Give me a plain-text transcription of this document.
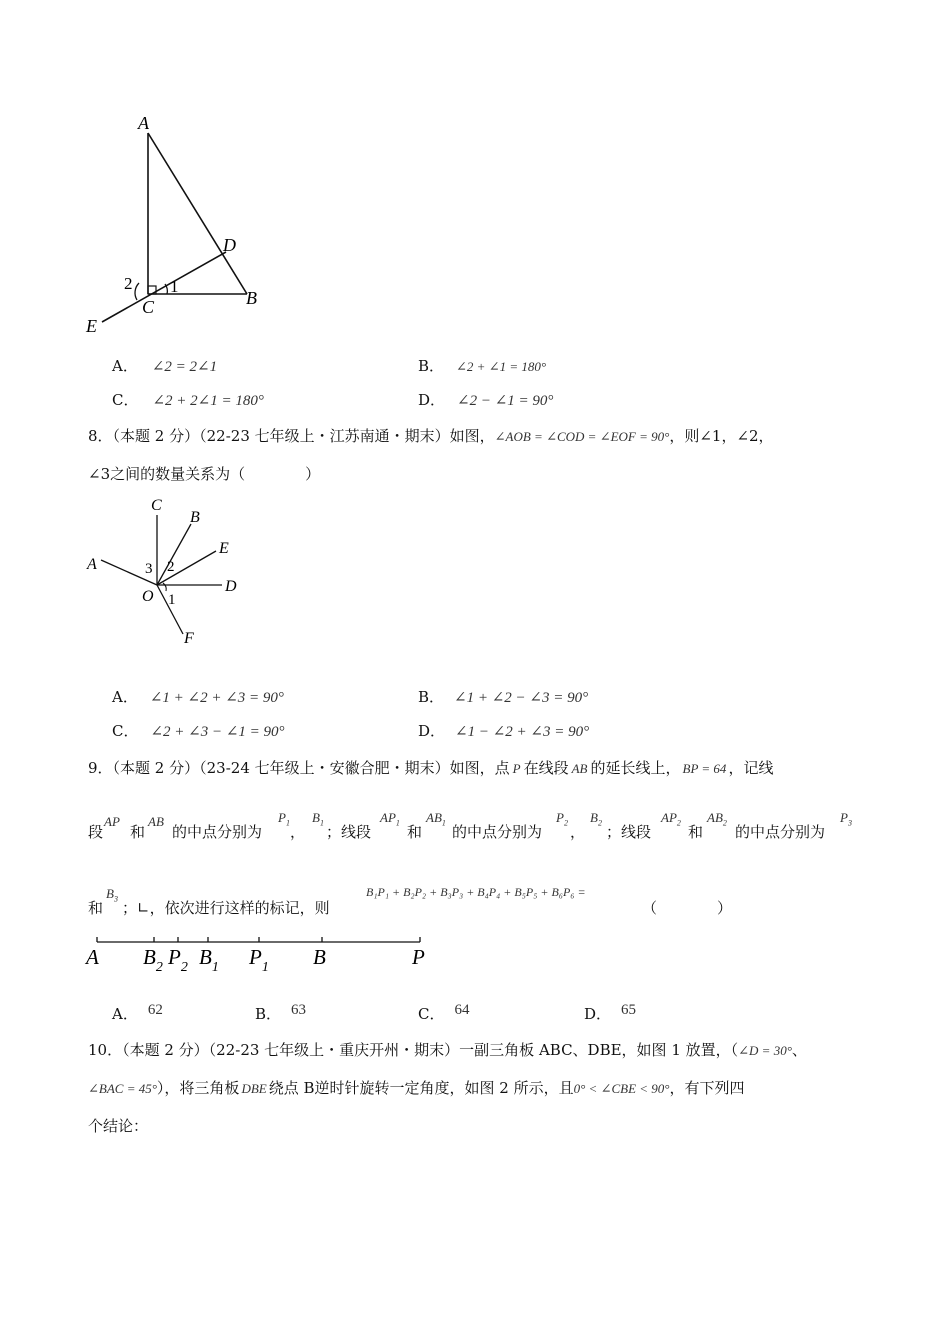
A
D
B
C
E
1
2
A． ∠2 = 2∠1	B． ∠2 + ∠1 = 180°
C． ∠2 + 2∠1 = 180°	D． ∠2 − ∠1 = 90°
8．（本题 2 分）（22-23 七年级上・江苏南通・期末）如图，∠AOB = ∠COD = ∠EOF = 90°，则∠1，∠2，
∠3之间的数量关系为（　　　　）
C
B
E
A
D
O
F
1
2
3
A． ∠1 + ∠2 + ∠3 = 90°	B． ∠1 + ∠2 − ∠3 = 90°
C． ∠2 + ∠3 − ∠1 = 90°	D． ∠1 − ∠2 + ∠3 = 90°
9．（本题 2 分）（23-24 七年级上・安徽合肥・期末）如图，点 P 在线段 AB 的延长线上， BP = 64 ，记线
段
AP
和
AB
的中点分别为
$P_1$ ，
$B_1$ ；线段
$AP_1$ 和
$AB_1$ 的中点分别为
$P_2$ ，
$B_2$ ；线段
$AP_2$ 和
$AB_2$ 的中点分别为
$P_3$
和
$B_3$ ；∟，依次进行这样的标记，则
B₁P₁ + B₂P₂ + B₃P₃ + B₄P₄ + B₅P₅ + B₆P₆ =
（　　　　）
A $B_2$ $P_2$ $B_1$ $P_1$ B	P
A． 62	B． 63	C． 64	D． 65
10．（本题 2 分）（22-23 七年级上・重庆开州・期末）一副三角板 ABC、DBE，如图 1 放置，（∠D = 30°、
∠BAC = 45°），将三角板 DBE 绕点 B逆时针旋转一定角度，如图 2 所示，且0° < ∠CBE < 90°，有下列四
个结论：
